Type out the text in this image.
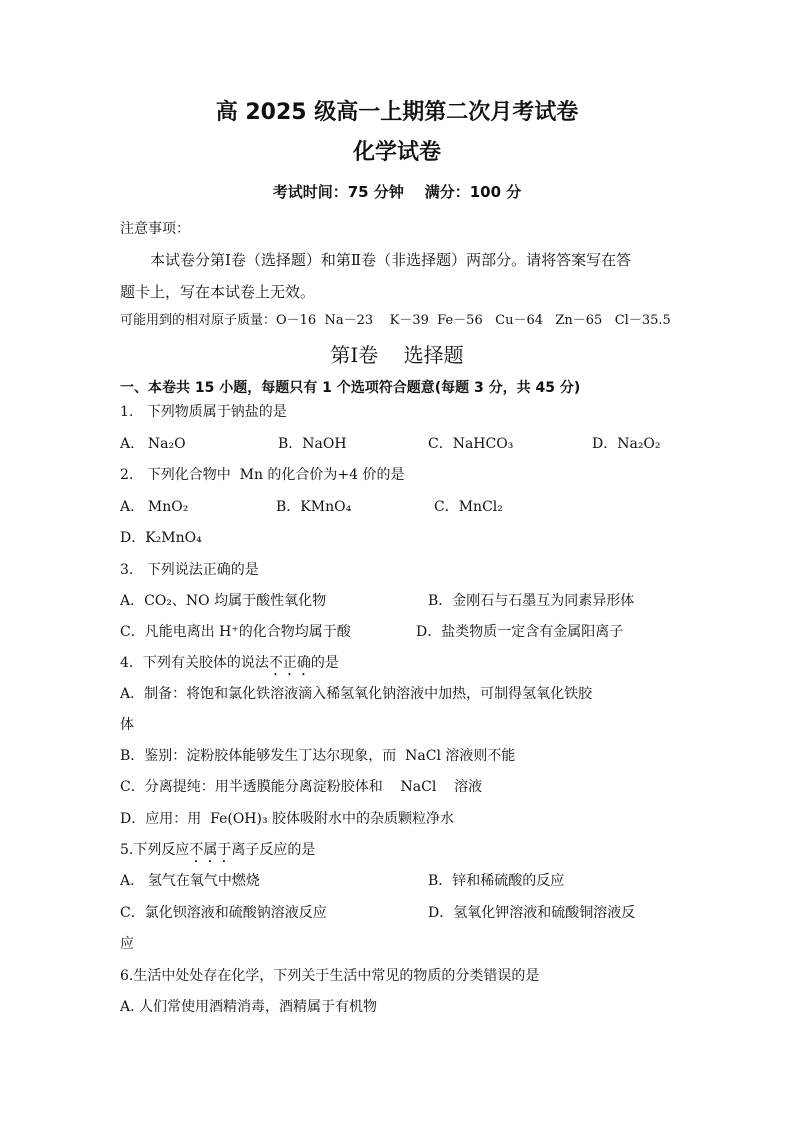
高 2025 级高一上期第二次月考试卷
化学试卷
考试时间：75 分钟    满分：100 分
注意事项：
本试卷分第Ⅰ卷（选择题）和第Ⅱ卷（非选择题）两部分。请将答案写在答
题卡上，写在本试卷上无效。
可能用到的相对原子质量：O－16  Na－23    K－39  Fe－56   Cu－64   Zn－65   Cl－35.5
第Ⅰ卷    选择题
一、本卷共 15 小题，每题只有 1 个选项符合题意(每题 3 分，共 45 分)
1.   下列物质属于钠盐的是
A.   Na₂O	B．NaOH	C．NaHCO₃	D．Na₂O₂
2.   下列化合物中  Mn 的化合价为+4 价的是
A.   MnO₂	B．KMnO₄	C．MnCl₂
D．K₂MnO₄
3.   下列说法正确的是
A．CO₂、NO 均属于酸性氧化物	B．金刚石与石墨互为同素异形体
C．凡能电离出 H⁺的化合物均属于酸	D．盐类物质一定含有金属阳离子
4．下列有关胶体的说法不正确的是
A．制备：将饱和氯化铁溶液滴入稀氢氧化钠溶液中加热，可制得氢氧化铁胶
体
B．鉴别：淀粉胶体能够发生丁达尔现象，而  NaCl 溶液则不能
C．分离提纯：用半透膜能分离淀粉胶体和    NaCl    溶液
D．应用：用  Fe(OH)₃ 胶体吸附水中的杂质颗粒净水
5.下列反应不属于离子反应的是
A.   氢气在氧气中燃烧	B．锌和稀硫酸的反应
C．氯化钡溶液和硫酸钠溶液反应	D．氢氧化钾溶液和硫酸铜溶液反
应
6.生活中处处存在化学，下列关于生活中常见的物质的分类错误的是
A. 人们常使用酒精消毒，酒精属于有机物
